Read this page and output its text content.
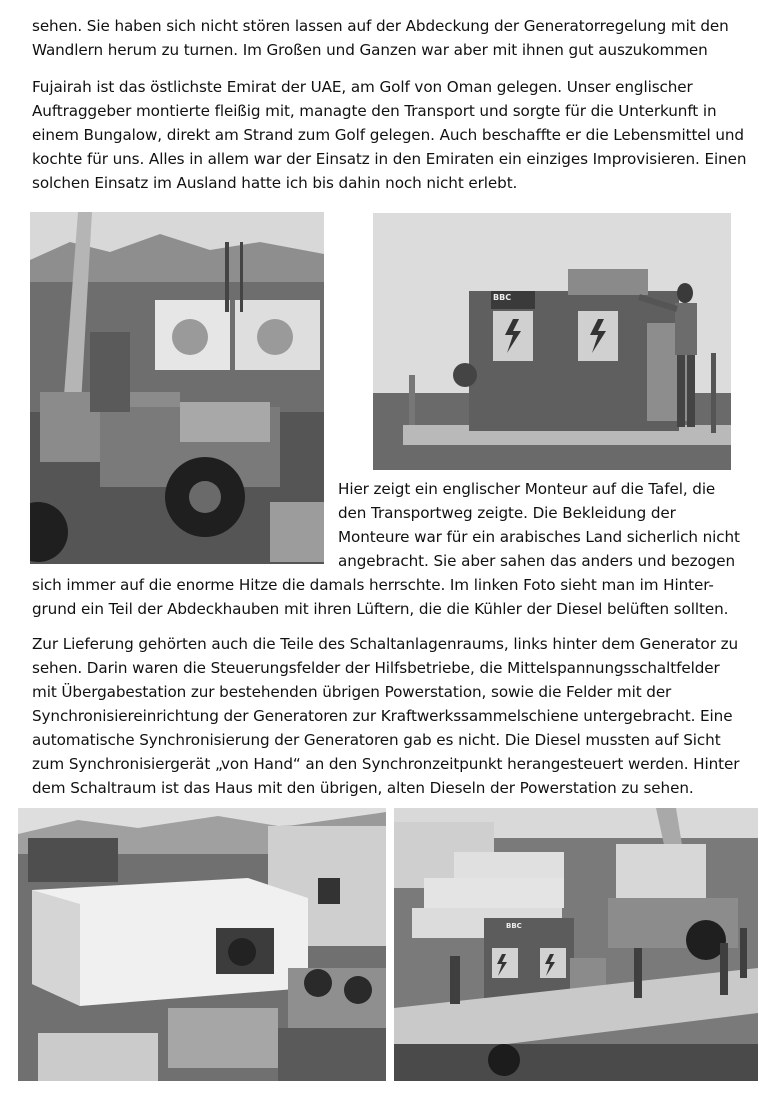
sehen. Sie haben sich nicht stören lassen auf der Abdeckung der Generatorregelung mit den
Wandlern herum zu turnen. Im Großen und Ganzen war aber mit ihnen gut auszukommen
Fujairah ist das östlichste Emirat der UAE, am Golf von Oman gelegen. Unser englischer
Auftraggeber montierte fleißig mit, managte den Transport und sorgte für die Unterkunft in
einem Bungalow, direkt am Strand zum Golf gelegen. Auch beschaffte er die Lebensmittel und
kochte für uns. Alles in allem war der Einsatz in den Emiraten ein einziges Improvisieren. Einen
solchen Einsatz im Ausland hatte ich bis dahin noch nicht erlebt.
BBC
Hier zeigt ein englischer Monteur auf die Tafel, die
den Transportweg zeigte. Die Bekleidung der
Monteure war für ein arabisches Land sicherlich nicht
angebracht. Sie aber sahen das anders und bezogen
sich immer auf die enorme Hitze die damals herrschte. Im linken Foto sieht man im Hinter-
grund ein Teil der Abdeckhauben mit ihren Lüftern, die die Kühler der Diesel belüften sollten.
Zur Lieferung gehörten auch die Teile des Schaltanlagenraums, links hinter dem Generator zu
sehen. Darin waren die Steuerungsfelder der Hilfsbetriebe, die Mittelspannungsschaltfelder
mit Übergabestation zur bestehenden übrigen Powerstation, sowie die Felder mit der
Synchronisiereinrichtung der Generatoren zur Kraftwerkssammelschiene untergebracht. Eine
automatische Synchronisierung der Generatoren gab es nicht. Die Diesel mussten auf Sicht
zum Synchronisiergerät „von Hand“ an den Synchronzeitpunkt herangesteuert werden. Hinter
dem Schaltraum ist das Haus mit den übrigen, alten Dieseln der Powerstation zu sehen.
BBC
